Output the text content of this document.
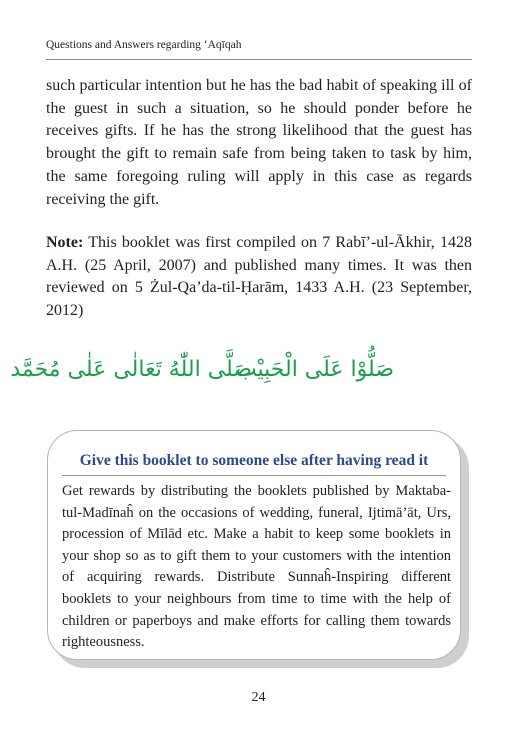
Questions and Answers regarding ‘Aqīqah
such particular intention but he has the bad habit of speaking ill of the guest in such a situation, so he should ponder before he receives gifts. If he has the strong likelihood that the guest has brought the gift to remain safe from being taken to task by him, the same foregoing ruling will apply in this case as regards receiving the gift.
Note: This booklet was first compiled on 7 Rabī’-ul-Ākhir, 1428 A.H. (25 April, 2007) and published many times. It was then reviewed on 5 Żul-Qa’da-til-Ḥarām, 1433 A.H. (23 September, 2012)
صَلُّوْا عَلَی الْحَبِیْب
صَلَّی اللّٰهُ تَعَالٰی عَلٰی مُحَمَّد
Give this booklet to someone else after having read it
Get rewards by distributing the booklets published by Maktaba-tul-Madīnaĥ on the occasions of wedding, funeral, Ijtimā’āt, Urs, procession of Mīlād etc. Make a habit to keep some booklets in your shop so as to gift them to your customers with the intention of acquiring rewards. Distribute Sunnaĥ-Inspiring different booklets to your neighbours from time to time with the help of children or paperboys and make efforts for calling them towards righteousness.
24
